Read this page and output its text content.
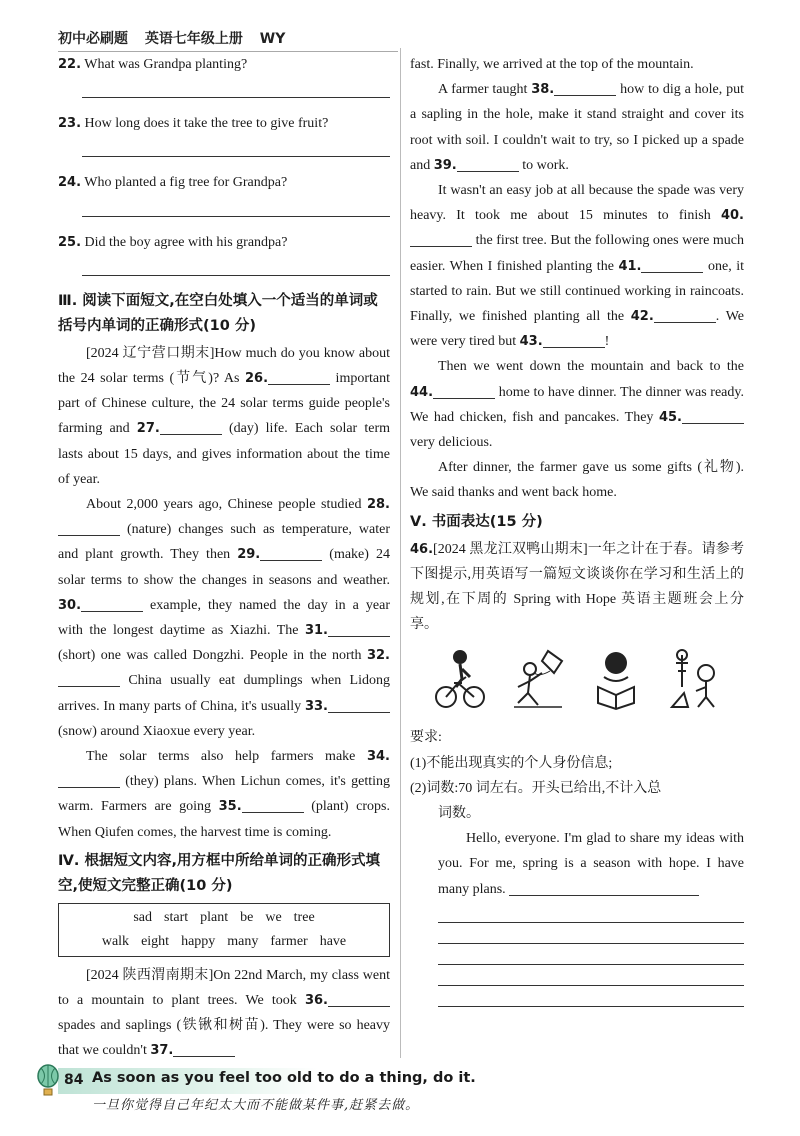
初中必刷题 英语七年级上册 WY

22. What was Grandpa planting?

23. How long does it take the tree to give fruit?

24. Who planted a fig tree for Grandpa?

25. Did the boy agree with his grandpa?

Ⅲ. 阅读下面短文,在空白处填入一个适当的单词或括号内单词的正确形式(10 分)

[2024 辽宁营口期末]How much do you know about the 24 solar terms (节气)? As 26.	important part of Chinese culture, the 24 solar terms guide people's farming and 27.	(day) life. Each solar term lasts about 15 days, and gives information about the time of year.

About 2,000 years ago, Chinese people studied 28. (nature) changes such as temperature, water and plant growth. They then 29.	(make) 24 solar terms to show the changes in seasons and weather. 30.	example, they named the day in a year with the longest daytime as Xiazhi. The 31. (short) one was called Dongzhi. People in the north 32. China usually eat dumplings when Lidong arrives. In many parts of China, it's usually 33. (snow) around Xiaoxue every year.

The solar terms also help farmers make 34. (they) plans. When Lichun comes, it's getting warm. Farmers are going 35.	(plant) crops. When Qiufen comes, the harvest time is coming.

Ⅳ. 根据短文内容,用方框中所给单词的正确形式填空,使短文完整正确(10 分)
sad start plant be we tree
walk eight happy many farmer have

[2024 陕西渭南期末]On 22nd March, my class went to a mountain to plant trees. We took 36. spades and saplings (铁锹和树苗). They were so heavy that we couldn't 37.

fast. Finally, we arrived at the top of the mountain.

A farmer taught 38.	how to dig a hole, put a sapling in the hole, make it stand straight and cover its root with soil. I couldn't wait to try, so I picked up a spade and 39.	to work.

It wasn't an easy job at all because the spade was very heavy. It took me about 15 minutes to finish 40. the first tree. But the following ones were much easier. When I finished planting the 41.	one, it started to rain. But we still continued working in raincoats. Finally, we finished planting all the 42.	. We were very tired but 43.	!

Then we went down the mountain and back to the 44.	home to have dinner. The dinner was ready. We had chicken, fish and pancakes. They 45. very delicious.

After dinner, the farmer gave us some gifts (礼物). We said thanks and went back home.

Ⅴ. 书面表达(15 分)

46.[2024 黑龙江双鸭山期末]一年之计在于春。请参考下图提示,用英语写一篇短文谈谈你在学习和生活上的规划,在下周的 Spring with Hope 英语主题班会上分享。

要求:

(1)不能出现真实的个人身份信息;

(2)词数:70 词左右。开头已给出,不计入总

词数。

Hello, everyone. I'm glad to share my ideas with you. For me, spring is a season with hope. I have many plans.

84 As soon as you feel too old to do a thing, do it.
一旦你觉得自己年纪太大而不能做某件事,赶紧去做。
